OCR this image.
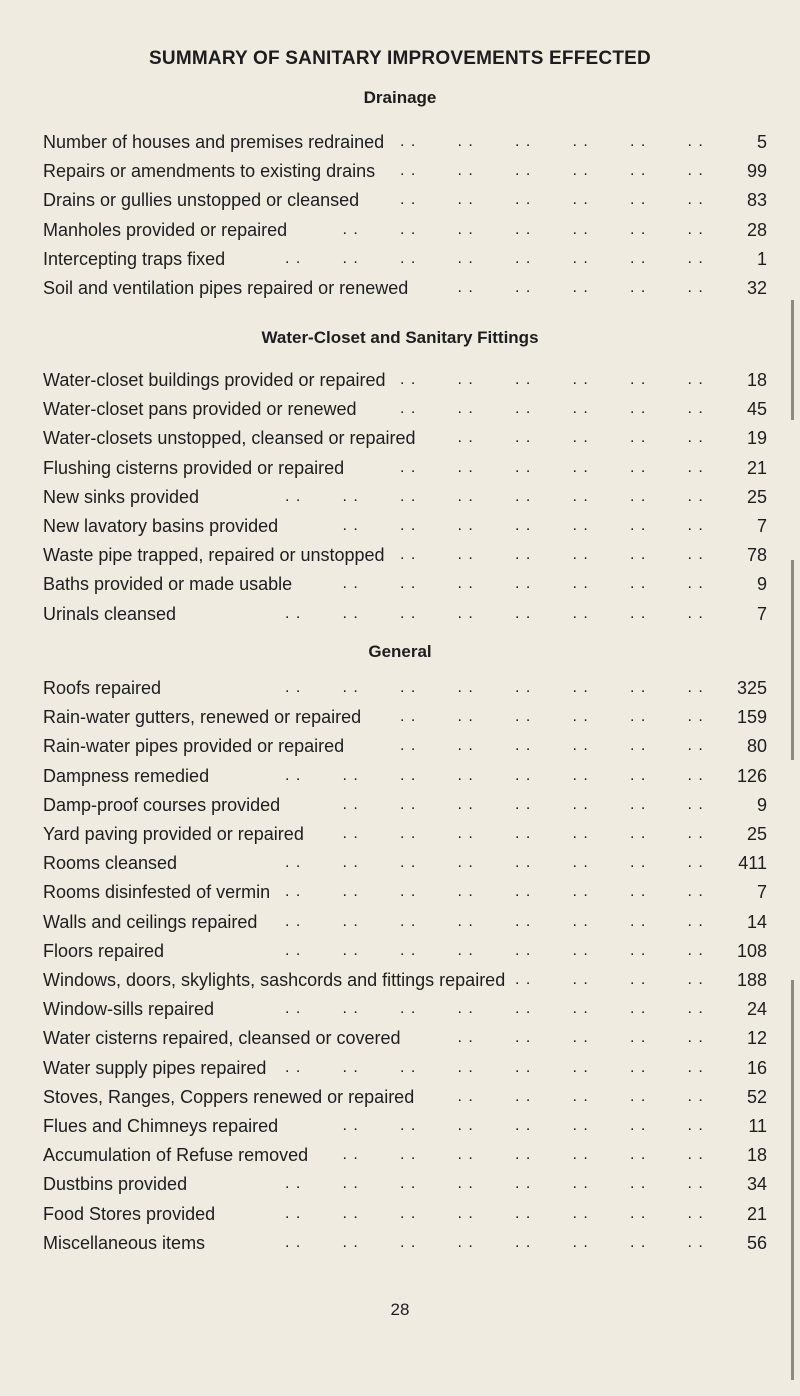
SUMMARY OF SANITARY IMPROVEMENTS EFFECTED
Drainage
Number of houses and premises redrained . .	. .	. .	. .	. .	. .	5
Repairs or amendments to existing drains . .	. .	. .	. .	. .	. .	99
Drains or gullies unstopped or cleansed	. .	. .	. .	. .	. .	. .	83
Manholes provided or repaired	. .	. .	. .	. .	. .	. .	. .	28
Intercepting traps fixed	. .	. .	. .	. .	. .	. .	. .	. .	1
Soil and ventilation pipes repaired or renewed	. .	. .	. .	. .	. .	32
Water-Closet and Sanitary Fittings
Water-closet buildings provided or repaired . .	. .	. .	. .	. .	. .	18
Water-closet pans provided or renewed	. .	. .	. .	. .	. .	. .	45
Water-closets unstopped, cleansed or repaired	. .	. .	. .	. .	. .	19
Flushing cisterns provided or repaired	. .	. .	. .	. .	. .	. .	21
New sinks provided	. .	. .	. .	. .	. .	. .	. .	. .	25
New lavatory basins provided	. .	. .	. .	. .	. .	. .	. .	7
Waste pipe trapped, repaired or unstopped . .	. .	. .	. .	. .	. .	78
Baths provided or made usable	. .	. .	. .	. .	. .	. .	. .	9
Urinals cleansed	. .	. .	. .	. .	. .	. .	. .	. .	7
General
Roofs repaired	. .	. .	. .	. .	. .	. .	. .	. .	325
Rain-water gutters, renewed or repaired . .	. .	. .	. .	. .	. .	159
Rain-water pipes provided or repaired	. .	. .	. .	. .	. .	. .	80
Dampness remedied	. .	. .	. .	. .	. .	. .	. .	. .	126
Damp-proof courses provided	. .	. .	. .	. .	. .	. .	. .	9
Yard paving provided or repaired . .	. .	. .	. .	. .	. .	. .	25
Rooms cleansed	. .	. .	. .	. .	. .	. .	. .	. .	411
Rooms disinfested of vermin . .	. .	. .	. .	. .	. .	. .	. .	7
Walls and ceilings repaired . .	. .	. .	. .	. .	. .	. .	. .	14
Floors repaired	. .	. .	. .	. .	. .	. .	. .	. .	108
Windows, doors, skylights, sashcords and fittings repaired . .	. .	. .	. .	188
Window-sills repaired	. .	. .	. .	. .	. .	. .	. .	. .	24
Water cisterns repaired, cleansed or covered	. .	. .	. .	. .	. .	12
Water supply pipes repaired . .	. .	. .	. .	. .	. .	. .	. .	16
Stoves, Ranges, Coppers renewed or repaired	. .	. .	. .	. .	. .	52
Flues and Chimneys repaired	. .	. .	. .	. .	. .	. .	. .	11
Accumulation of Refuse removed . .	. .	. .	. .	. .	. .	. .	18
Dustbins provided	. .	. .	. .	. .	. .	. .	. .	. .	34
Food Stores provided	. .	. .	. .	. .	. .	. .	. .	. .	21
Miscellaneous items	. .	. .	. .	. .	. .	. .	. .	. .	56
28
